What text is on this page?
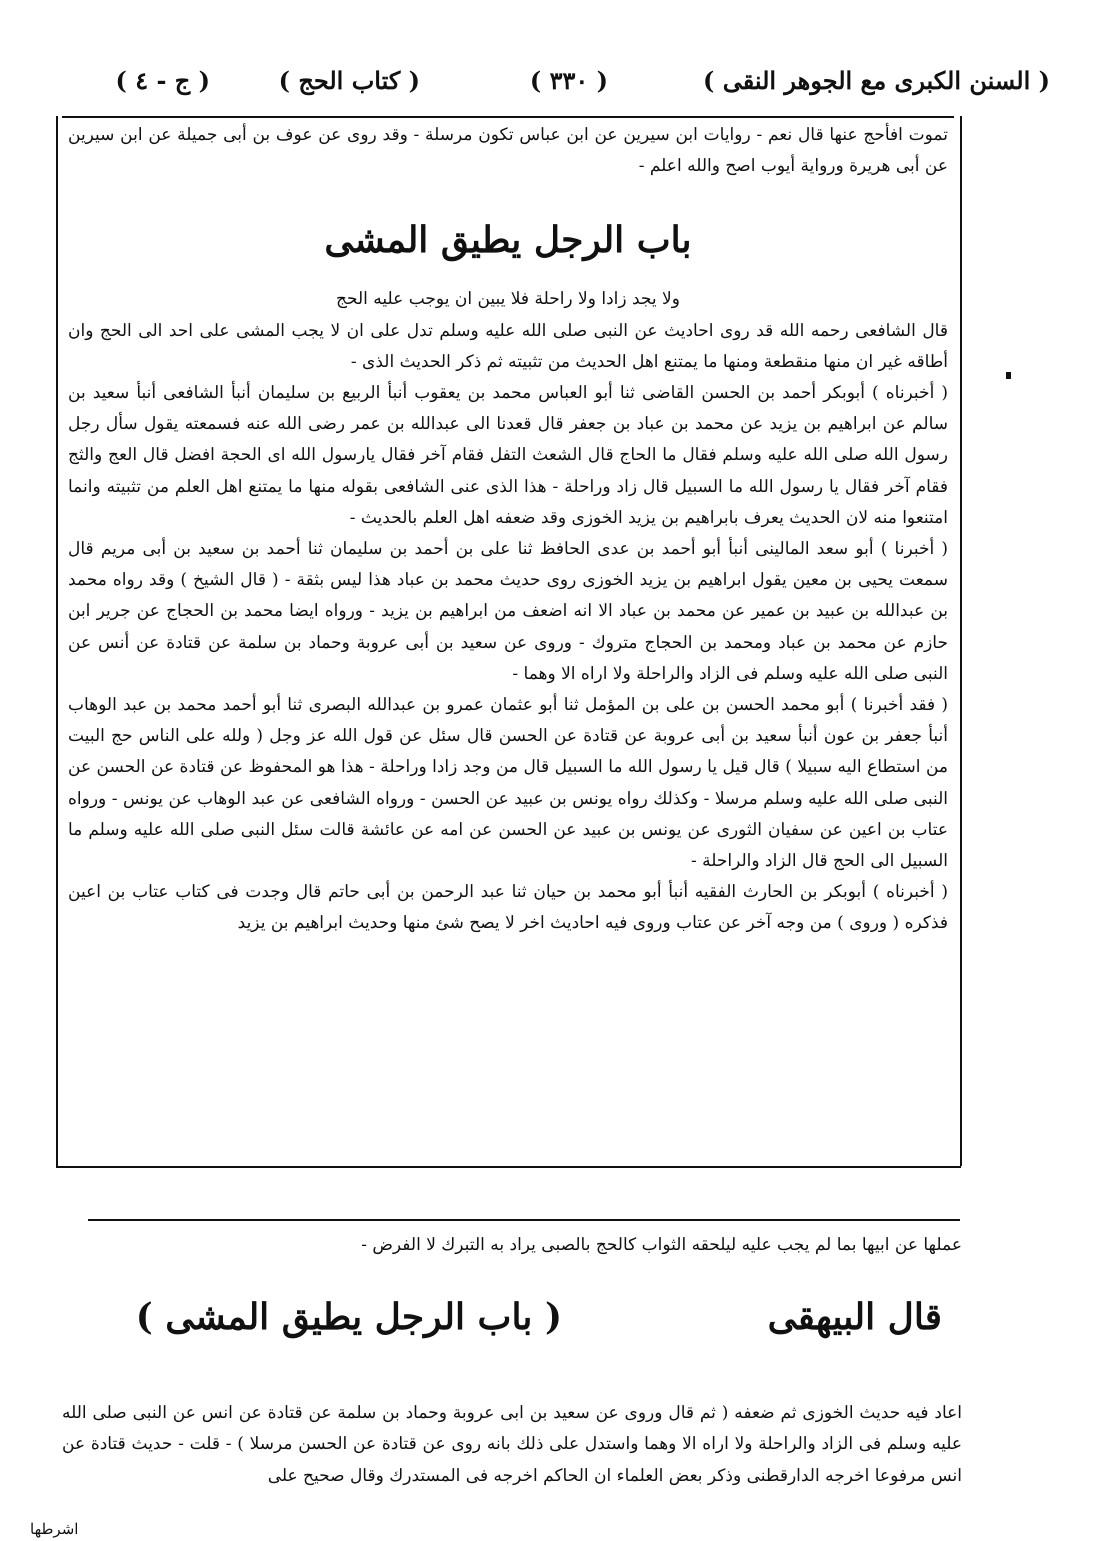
( السنن الكبرى مع الجوهر النقى )
( ٣٣٠ )
( كتاب الحج )
( ج - ٤ )

تموت افأحج عنها قال نعم - روايات ابن سيرين عن ابن عباس تكون مرسلة - وقد روى عن عوف بن أبى جميلة عن ابن سيرين عن أبى هريرة ورواية أيوب اصح والله اعلم -

باب الرجل يطيق المشى

ولا يجد زادا ولا راحلة فلا يبين ان يوجب عليه الحج

قال الشافعى رحمه الله قد روى احاديث عن النبى صلى الله عليه وسلم تدل على ان لا يجب المشى على احد الى الحج وان أطاقه غير ان منها منقطعة ومنها ما يمتنع اهل الحديث من تثبيته ثم ذكر الحديث الذى -

( أخبرناه ) أبوبكر أحمد بن الحسن القاضى ثنا أبو العباس محمد بن يعقوب أنبأ الربيع بن سليمان أنبأ الشافعى أنبأ سعيد بن سالم عن ابراهيم بن يزيد عن محمد بن عباد بن جعفر قال قعدنا الى عبدالله بن عمر رضى الله عنه فسمعته يقول سأل رجل رسول الله صلى الله عليه وسلم فقال ما الحاج قال الشعث التفل فقام آخر فقال يارسول الله اى الحجة افضل قال العج والثج فقام آخر فقال يا رسول الله ما السبيل قال زاد وراحلة - هذا الذى عنى الشافعى بقوله منها ما يمتنع اهل العلم من تثبيته وانما امتنعوا منه لان الحديث يعرف بابراهيم بن يزيد الخوزى وقد ضعفه اهل العلم بالحديث -

( أخبرنا ) أبو سعد المالينى أنبأ أبو أحمد بن عدى الحافظ ثنا على بن أحمد بن سليمان ثنا أحمد بن سعيد بن أبى مريم قال سمعت يحيى بن معين يقول ابراهيم بن يزيد الخوزى روى حديث محمد بن عباد هذا ليس بثقة - ( قال الشيخ ) وقد رواه محمد بن عبدالله بن عبيد بن عمير عن محمد بن عباد الا انه اضعف من ابراهيم بن يزيد - ورواه ايضا محمد بن الحجاج عن جرير ابن حازم عن محمد بن عباد ومحمد بن الحجاج متروك - وروى عن سعيد بن أبى عروبة وحماد بن سلمة عن قتادة عن أنس عن النبى صلى الله عليه وسلم فى الزاد والراحلة ولا اراه الا وهما -

( فقد أخبرنا ) أبو محمد الحسن بن على بن المؤمل ثنا أبو عثمان عمرو بن عبدالله البصرى ثنا أبو أحمد محمد بن عبد الوهاب أنبأ جعفر بن عون أنبأ سعيد بن أبى عروبة عن قتادة عن الحسن قال سئل عن قول الله عز وجل ( ولله على الناس حج البيت من استطاع اليه سبيلا ) قال قيل يا رسول الله ما السبيل قال من وجد زادا وراحلة - هذا هو المحفوظ عن قتادة عن الحسن عن النبى صلى الله عليه وسلم مرسلا - وكذلك رواه يونس بن عبيد عن الحسن - ورواه الشافعى عن عبد الوهاب عن يونس - ورواه عتاب بن اعين عن سفيان الثورى عن يونس بن عبيد عن الحسن عن امه عن عائشة قالت سئل النبى صلى الله عليه وسلم ما السبيل الى الحج قال الزاد والراحلة -

( أخبرناه ) أبوبكر بن الحارث الفقيه أنبأ أبو محمد بن حيان ثنا عبد الرحمن بن أبى حاتم قال وجدت فى كتاب عتاب بن اعين فذكره ( وروى ) من وجه آخر عن عتاب وروى فيه احاديث اخر لا يصح شئ منها وحديث ابراهيم بن يزيد

عملها عن ابيها بما لم يجب عليه ليلحقه الثواب كالحج بالصبى يراد به التبرك لا الفرض -

قال البيهقى
( باب الرجل يطيق المشى )

اعاد فيه حديث الخوزى ثم ضعفه ( ثم قال وروى عن سعيد بن ابى عروبة وحماد بن سلمة عن قتادة عن انس عن النبى صلى الله عليه وسلم فى الزاد والراحلة ولا اراه الا وهما واستدل على ذلك بانه روى عن قتادة عن الحسن مرسلا ) - قلت - حديث قتادة عن انس مرفوعا اخرجه الدارقطنى وذكر بعض العلماء ان الحاكم اخرجه فى المستدرك وقال صحيح على

اشرطها
